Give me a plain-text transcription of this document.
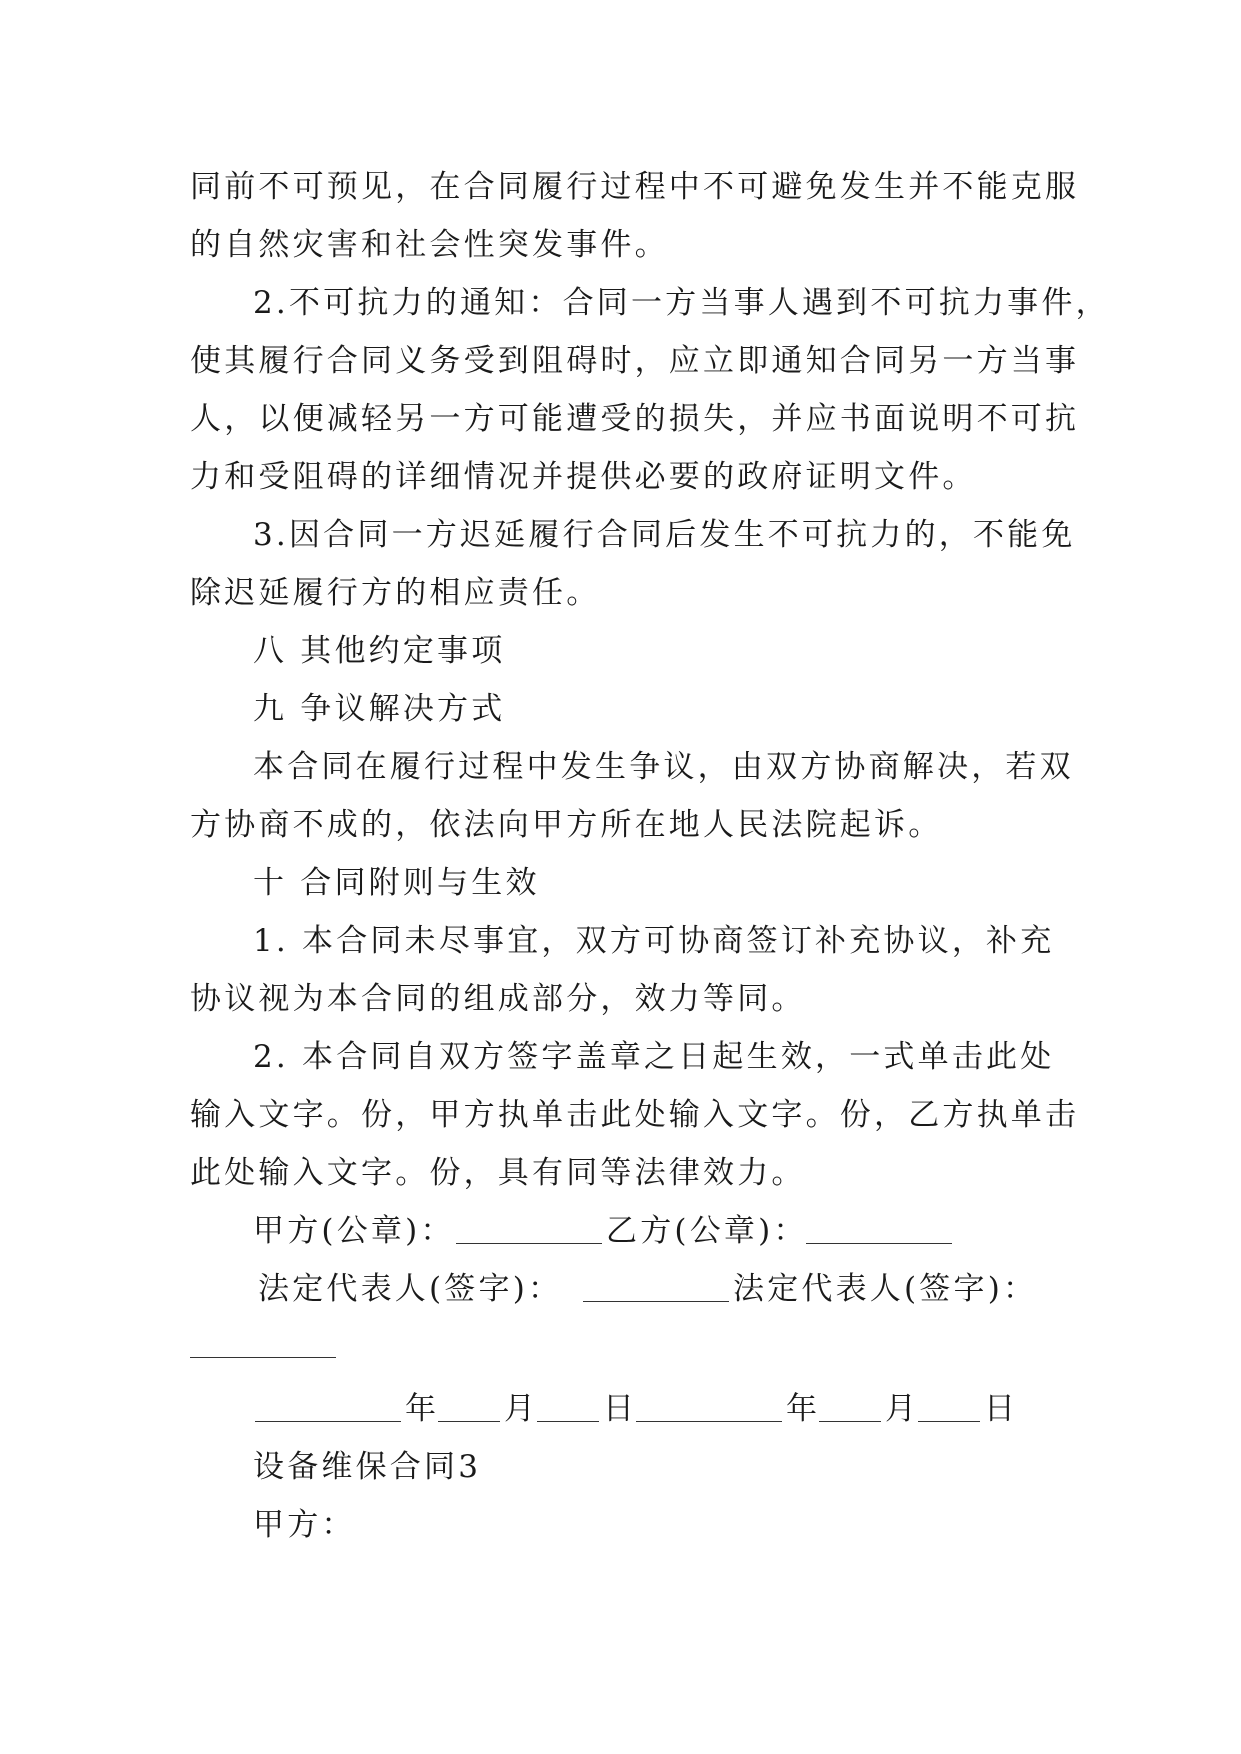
同前不可预见，在合同履行过程中不可避免发生并不能克服
的自然灾害和社会性突发事件。
2.不可抗力的通知：合同一方当事人遇到不可抗力事件，
使其履行合同义务受到阻碍时，应立即通知合同另一方当事
人，以便减轻另一方可能遭受的损失，并应书面说明不可抗
力和受阻碍的详细情况并提供必要的政府证明文件。
3.因合同一方迟延履行合同后发生不可抗力的，不能免
除迟延履行方的相应责任。
八 其他约定事项
九 争议解决方式
本合同在履行过程中发生争议，由双方协商解决，若双
方协商不成的，依法向甲方所在地人民法院起诉。
十 合同附则与生效
1. 本合同未尽事宜，双方可协商签订补充协议，补充
协议视为本合同的组成部分，效力等同。
2. 本合同自双方签字盖章之日起生效，一式单击此处
输入文字。份，甲方执单击此处输入文字。份，乙方执单击
此处输入文字。份，具有同等法律效力。
甲方(公章)：	乙方(公章)：
法定代表人(签字)：	法定代表人(签字)：
年 月 日	年 月 日
设备维保合同3
甲方：
